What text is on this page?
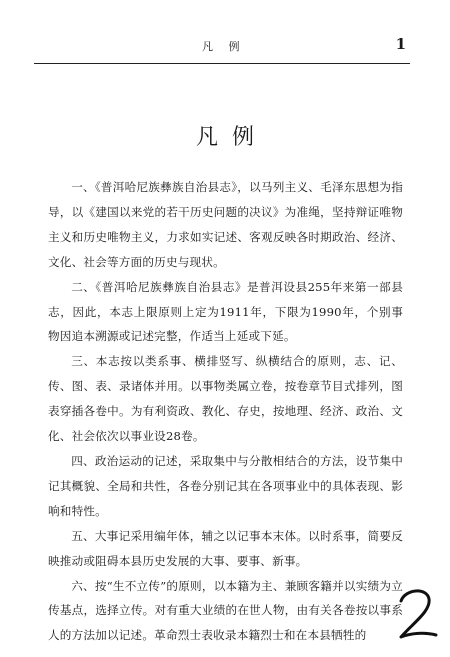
凡 例	1
凡例

一、《普洱哈尼族彝族自治县志》，以马列主义、毛泽东思想为指导，以《建国以来党的若干历史问题的决议》为准绳，坚持辩证唯物主义和历史唯物主义，力求如实记述、客观反映各时期政治、经济、文化、社会等方面的历史与现状。

二、《普洱哈尼族彝族自治县志》是普洱设县255年来第一部县志，因此，本志上限原则上定为1911年，下限为1990年，个别事物因追本溯源或记述完整，作适当上延或下延。

三、本志按以类系事、横排竖写、纵横结合的原则，志、记、传、图、表、录诸体并用。以事物类属立卷，按卷章节目式排列，图表穿插各卷中。为有利资政、教化、存史，按地理、经济、政治、文化、社会依次以事业设28卷。

四、政治运动的记述，采取集中与分散相结合的方法，设节集中记其概貌、全局和共性，各卷分别记其在各项事业中的具体表现、影响和特性。

五、大事记采用编年体，辅之以记事本末体。以时系事，简要反映推动或阻碍本县历史发展的大事、要事、新事。

六、按“生不立传”的原则，以本籍为主、兼顾客籍并以实绩为立传基点，选择立传。对有重大业绩的在世人物，由有关各卷按以事系人的方法加以记述。革命烈士表收录本籍烈士和在本县牺牲的
